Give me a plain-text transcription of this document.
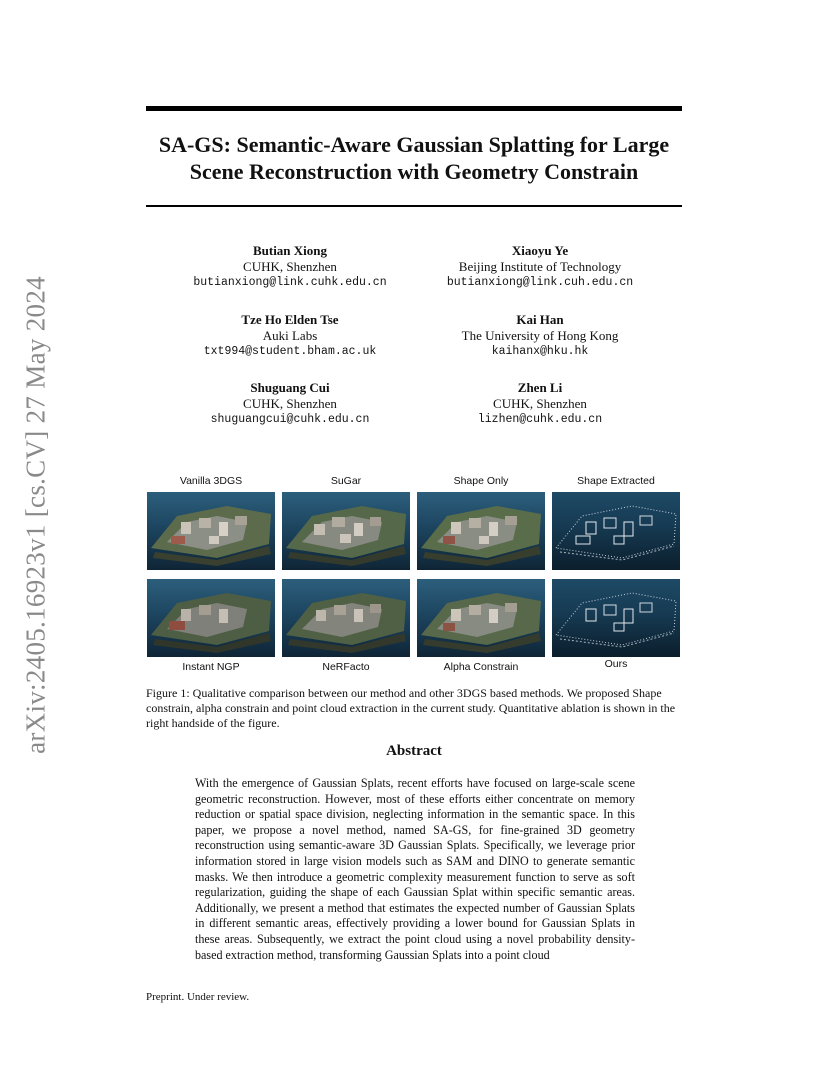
arXiv:2405.16923v1 [cs.CV] 27 May 2024
SA-GS: Semantic-Aware Gaussian Splatting for Large Scene Reconstruction with Geometry Constrain
Butian Xiong
CUHK, Shenzhen
butianxiong@link.cuhk.edu.cn
Xiaoyu Ye
Beijing Institute of Technology
butianxiong@link.cuh.edu.cn
Tze Ho Elden Tse
Auki Labs
txt994@student.bham.ac.uk
Kai Han
The University of Hong Kong
kaihanx@hku.hk
Shuguang Cui
CUHK, Shenzhen
shuguangcui@cuhk.edu.cn
Zhen Li
CUHK, Shenzhen
lizhen@cuhk.edu.cn
Vanilla 3DGS	SuGar	Shape Only	Shape Extracted
Instant NGP	NeRFacto	Alpha Constrain	Ours
Figure 1: Qualitative comparison between our method and other 3DGS based methods. We proposed Shape constrain, alpha constrain and point cloud extraction in the current study. Quantitative ablation is shown in the right handside of the figure.
Abstract
With the emergence of Gaussian Splats, recent efforts have focused on large-scale scene geometric reconstruction. However, most of these efforts either concentrate on memory reduction or spatial space division, neglecting information in the semantic space. In this paper, we propose a novel method, named SA-GS, for fine-grained 3D geometry reconstruction using semantic-aware 3D Gaussian Splats. Specifically, we leverage prior information stored in large vision models such as SAM and DINO to generate semantic masks. We then introduce a geometric complexity measurement function to serve as soft regularization, guiding the shape of each Gaussian Splat within specific semantic areas. Additionally, we present a method that estimates the expected number of Gaussian Splats in different semantic areas, effectively providing a lower bound for Gaussian Splats in these areas. Subsequently, we extract the point cloud using a novel probability density-based extraction method, transforming Gaussian Splats into a point cloud
Preprint. Under review.
